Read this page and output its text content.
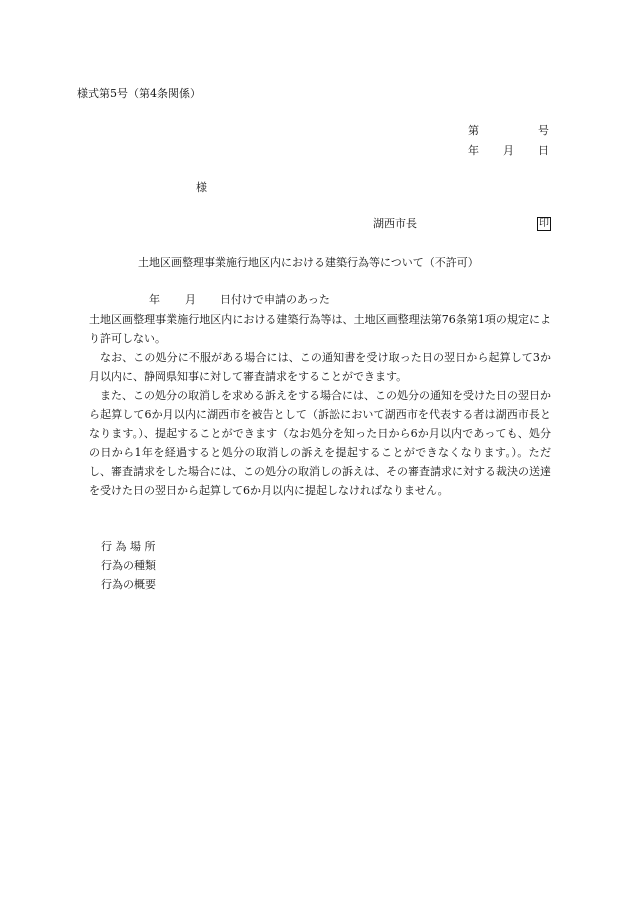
様式第5号（第4条関係）
第	号
年 月 日
様
湖西市長	印
土地区画整理事業施行地区内における建築行為等について（不許可）
年 月 日付けで申請のあった
土地区画整理事業施行地区内における建築行為等は、土地区画整理法第76条第1項の規定により許可しない。
なお、この処分に不服がある場合には、この通知書を受け取った日の翌日から起算して3か月以内に、静岡県知事に対して審査請求をすることができます。
また、この処分の取消しを求める訴えをする場合には、この処分の通知を受けた日の翌日から起算して6か月以内に湖西市を被告として（訴訟において湖西市を代表する者は湖西市長となります。）、提起することができます（なお処分を知った日から6か月以内であっても、処分の日から1年を経過すると処分の取消しの訴えを提起することができなくなります。）。ただし、審査請求をした場合には、この処分の取消しの訴えは、その審査請求に対する裁決の送達を受けた日の翌日から起算して6か月以内に提起しなければなりません。
行 為 場 所
行為の種類
行為の概要
